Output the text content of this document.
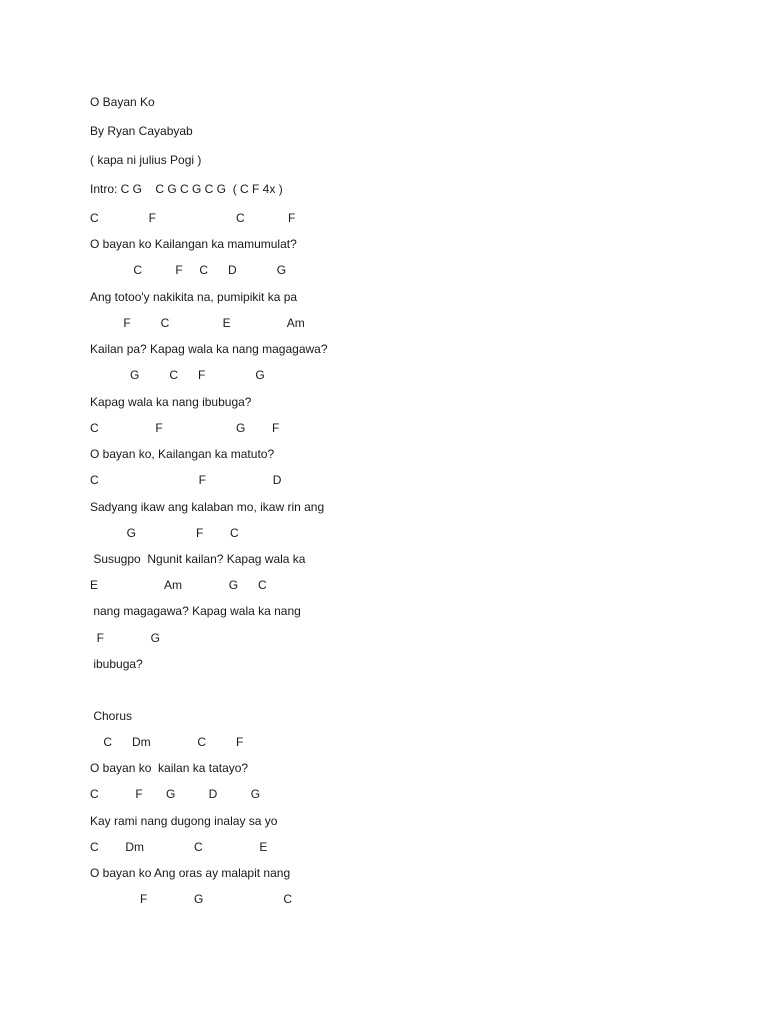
O Bayan Ko

By Ryan Cayabyab

( kapa ni julius Pogi )

Intro: C G    C G C G C G  ( C F 4x )

C               F                        C             F

O bayan ko Kailangan ka mamumulat?

C          F     C      D            G

Ang totoo'y nakikita na, pumipikit ka pa

F         C                E                 Am

Kailan pa? Kapag wala ka nang magagawa?

G         C      F               G

Kapag wala ka nang ibubuga?

C                 F                      G        F

O bayan ko, Kailangan ka matuto?

C                              F                    D

Sadyang ikaw ang kalaban mo, ikaw rin ang

G                  F        C

Susugpo  Ngunit kailan? Kapag wala ka

E                    Am              G      C

nang magagawa? Kapag wala ka nang

F              G

ibubuga?

Chorus

C      Dm              C         F

O bayan ko  kailan ka tatayo?

C           F       G          D          G

Kay rami nang dugong inalay sa yo

C        Dm               C                 E

O bayan ko Ang oras ay malapit nang

F              G                        C
